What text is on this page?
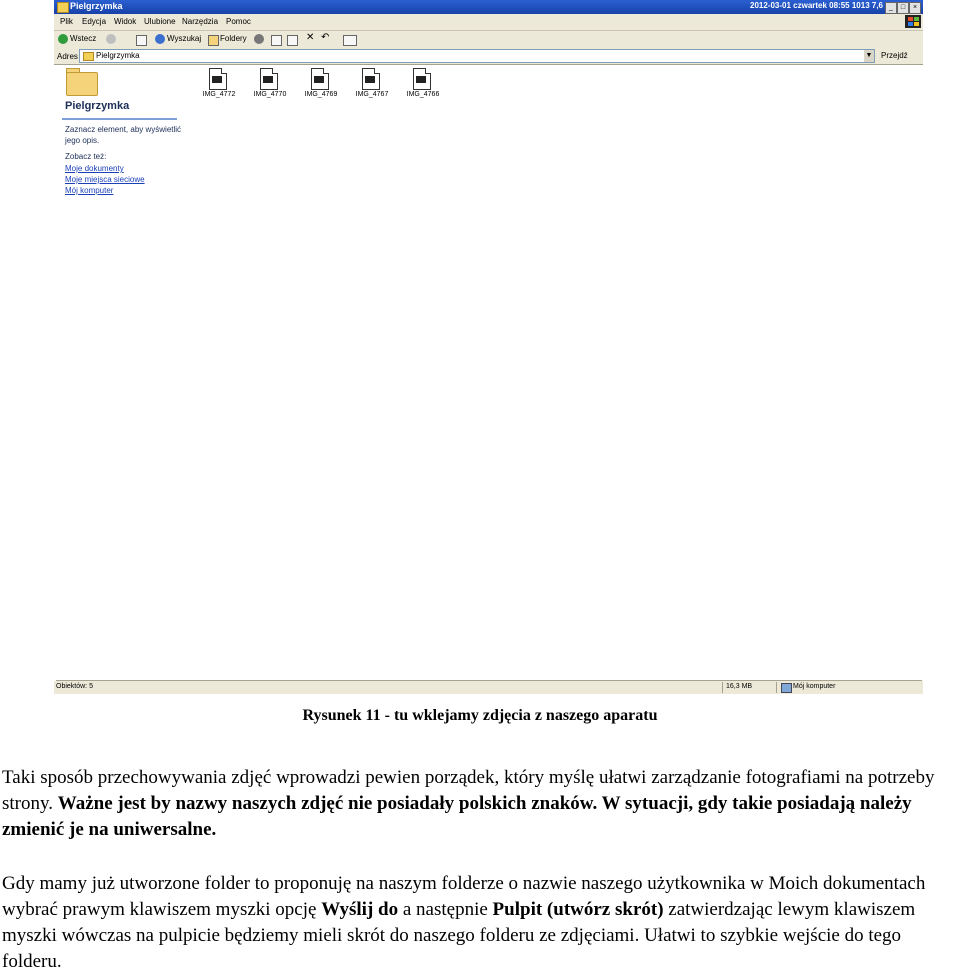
Pielgrzymka	2012-03-01 czwartek 08:55 1013 7,6 _	□	×
Plik Edycja Widok Ulubione Narzędzia Pomoc
Wstecz	Wyszukaj Foldery	✕ ↶
Adres Pielgrzymka	▼ Przejdź
Pielgrzymka
Zaznacz element, aby wyświetlić jego opis.
Zobacz też:
Moje dokumenty
Moje miejsca sieciowe
Mój komputer
IMG_4772	IMG_4770	IMG_4769	IMG_4767	IMG_4766
Obiektów: 5	16,3 MB	Mój komputer
Rysunek 11 - tu wklejamy zdjęcia z naszego aparatu

Taki sposób przechowywania zdjęć wprowadzi pewien porządek, który myślę ułatwi zarządzanie fotografiami na potrzeby strony. Ważne jest by nazwy naszych zdjęć nie posiadały polskich znaków. W sytuacji, gdy takie posiadają należy zmienić je na uniwersalne.

Gdy mamy już utworzone folder to proponuję na naszym folderze o nazwie naszego użytkownika w Moich dokumentach wybrać prawym klawiszem myszki opcję Wyślij do a następnie Pulpit (utwórz skrót) zatwierdzając lewym klawiszem myszki wówczas na pulpicie będziemy mieli skrót do naszego folderu ze zdjęciami. Ułatwi to szybkie wejście do tego folderu.
